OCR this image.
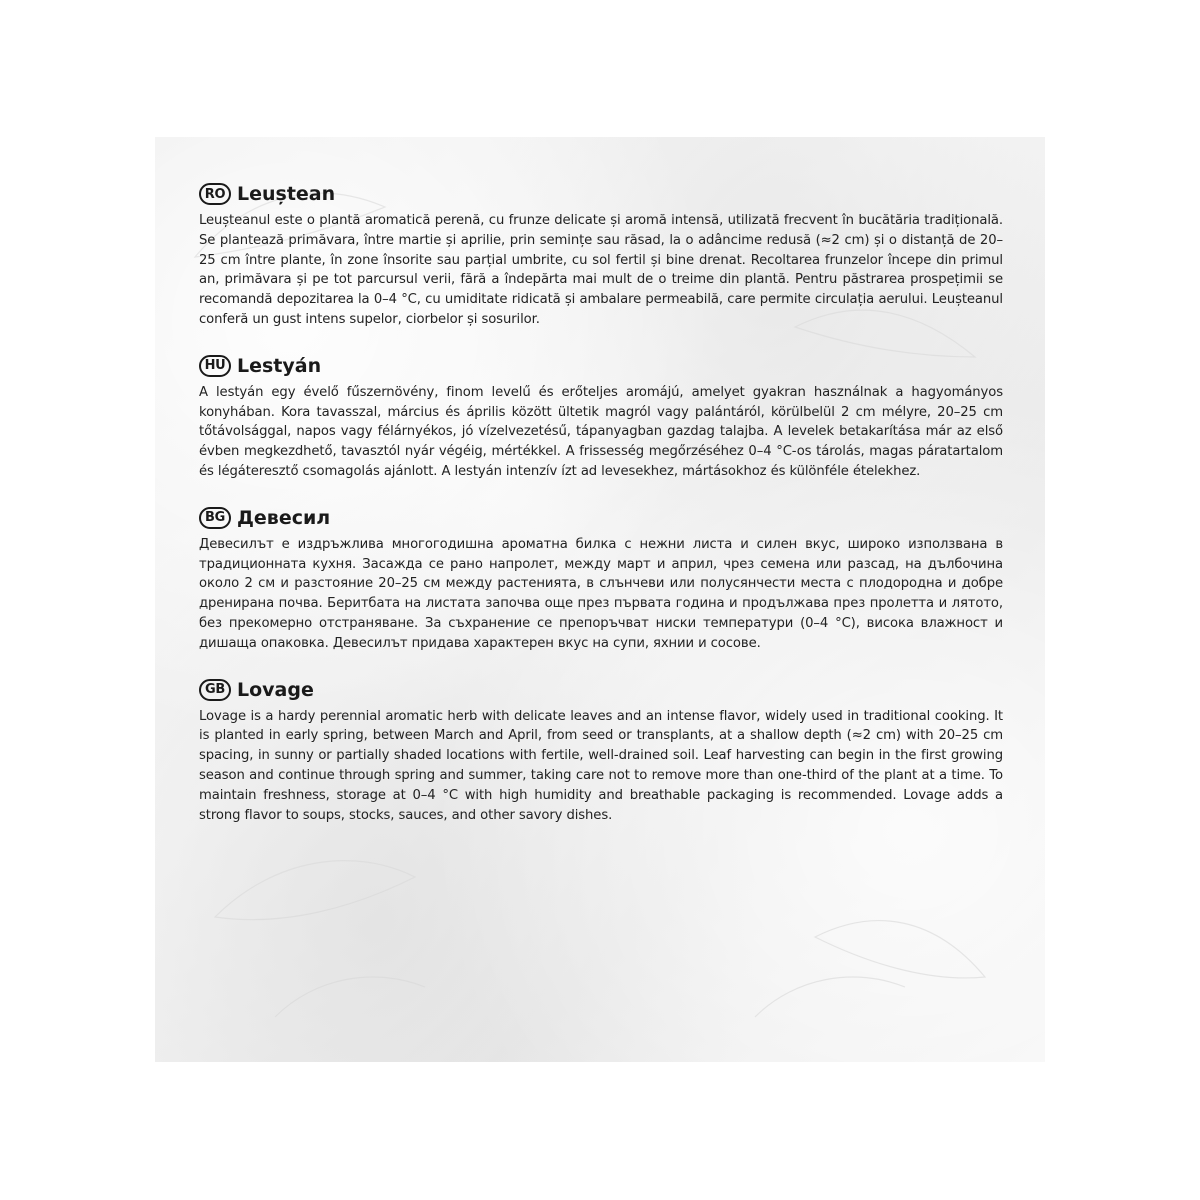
RO Leuștean

Leușteanul este o plantă aromatică perenă, cu frunze delicate și aromă intensă, utilizată frecvent în bucătăria tradițională. Se plantează primăvara, între martie și aprilie, prin semințe sau răsad, la o adâncime redusă (≈2 cm) și o distanță de 20–25 cm între plante, în zone însorite sau parțial umbrite, cu sol fertil și bine drenat. Recoltarea frunzelor începe din primul an, primăvara și pe tot parcursul verii, fără a îndepărta mai mult de o treime din plantă. Pentru păstrarea prospețimii se recomandă depozitarea la 0–4 °C, cu umiditate ridicată și ambalare permeabilă, care permite circulația aerului. Leușteanul conferă un gust intens supelor, ciorbelor și sosurilor.

HU Lestyán

A lestyán egy évelő fűszernövény, finom levelű és erőteljes aromájú, amelyet gyakran használnak a hagyományos konyhában. Kora tavasszal, március és április között ültetik magról vagy palántáról, körülbelül 2 cm mélyre, 20–25 cm tőtávolsággal, napos vagy félárnyékos, jó vízelvezetésű, tápanyagban gazdag talajba. A levelek betakarítása már az első évben megkezdhető, tavasztól nyár végéig, mértékkel. A frissesség megőrzéséhez 0–4 °C-os tárolás, magas páratartalom és légáteresztő csomagolás ajánlott. A lestyán intenzív ízt ad levesekhez, mártásokhoz és különféle ételekhez.

BG Девесил

Девесилът е издръжлива многогодишна ароматна билка с нежни листа и силен вкус, широко използвана в традиционната кухня. Засажда се рано напролет, между март и април, чрез семена или разсад, на дълбочина около 2 см и разстояние 20–25 см между растенията, в слънчеви или полусянчести места с плодородна и добре дренирана почва. Беритбата на листата започва още през първата година и продължава през пролетта и лятото, без прекомерно отстраняване. За съхранение се препоръчват ниски температури (0–4 °C), висока влажност и дишаща опаковка. Девесилът придава характерен вкус на супи, яхнии и сосове.

GB Lovage

Lovage is a hardy perennial aromatic herb with delicate leaves and an intense flavor, widely used in traditional cooking. It is planted in early spring, between March and April, from seed or transplants, at a shallow depth (≈2 cm) with 20–25 cm spacing, in sunny or partially shaded locations with fertile, well-drained soil. Leaf harvesting can begin in the first growing season and continue through spring and summer, taking care not to remove more than one-third of the plant at a time. To maintain freshness, storage at 0–4 °C with high humidity and breathable packaging is recommended. Lovage adds a strong flavor to soups, stocks, sauces, and other savory dishes.
